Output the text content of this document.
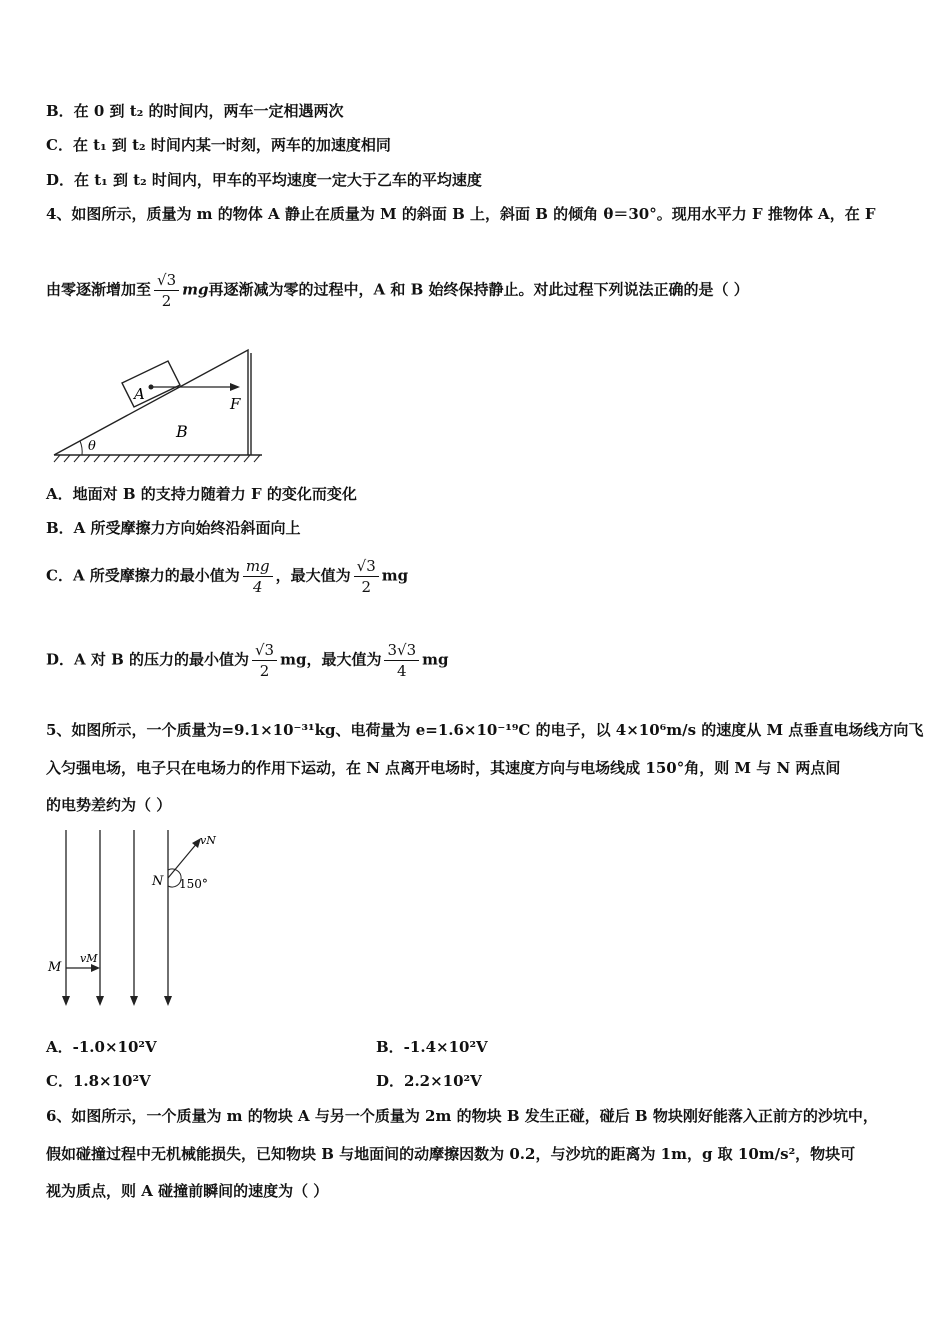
B．在 0 到 t₂ 的时间内，两车一定相遇两次
C．在 t₁ 到 t₂ 时间内某一时刻，两车的加速度相同
D．在 t₁ 到 t₂ 时间内，甲车的平均速度一定大于乙车的平均速度
4、如图所示，质量为 m 的物体 A 静止在质量为 M 的斜面 B 上，斜面 B 的倾角 θ＝30°。现用水平力 F 推物体 A，在 F
由零逐渐增加至 $\frac{√3}{2}$ mg再逐渐减为零的过程中，A 和 B 始终保持静止。对此过程下列说法正确的是（ ）
A
F
B
θ
A．地面对 B 的支持力随着力 F 的变化而变化
B．A 所受摩擦力方向始终沿斜面向上
C．A 所受摩擦力的最小值为 $\frac{mg}{4}$ ，最大值为 $\frac{√3}{2}$ mg
D．A 对 B 的压力的最小值为 $\frac{√3}{2}$ mg，最大值为 $\frac{3√3}{4}$ mg
5、如图所示，一个质量为=9.1×10⁻³¹kg、电荷量为 e=1.6×10⁻¹⁹C 的电子，以 4×10⁶m/s 的速度从 M 点垂直电场线方向飞
入匀强电场，电子只在电场力的作用下运动，在 N 点离开电场时，其速度方向与电场线成 150°角，则 M 与 N 两点间
的电势差约为（ ）
vN
N 150°
M
vM
A．-1.0×10²V	B．-1.4×10²V
C．1.8×10²V	D．2.2×10²V
6、如图所示，一个质量为 m 的物块 A 与另一个质量为 2m 的物块 B 发生正碰，碰后 B 物块刚好能落入正前方的沙坑中，
假如碰撞过程中无机械能损失，已知物块 B 与地面间的动摩擦因数为 0.2，与沙坑的距离为 1m，g 取 10m/s²，物块可
视为质点，则 A 碰撞前瞬间的速度为（ ）
